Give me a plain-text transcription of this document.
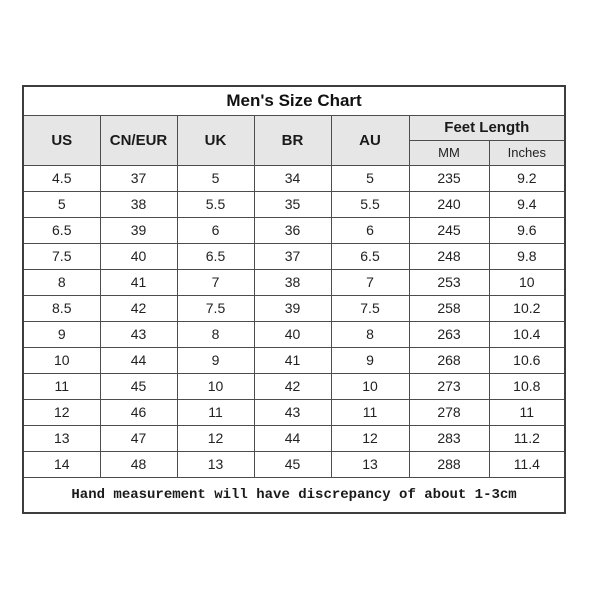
Men's Size Chart						
US	CN/EUR	UK	BR	AU	Feet Length	
					MM	Inches
4.5	37	5	34	5	235	9.2
5	38	5.5	35	5.5	240	9.4
6.5	39	6	36	6	245	9.6
7.5	40	6.5	37	6.5	248	9.8
8	41	7	38	7	253	10
8.5	42	7.5	39	7.5	258	10.2
9	43	8	40	8	263	10.4
10	44	9	41	9	268	10.6
11	45	10	42	10	273	10.8
12	46	11	43	11	278	11
13	47	12	44	12	283	11.2
14	48	13	45	13	288	11.4
Hand measurement will have discrepancy of about 1-3cm						
